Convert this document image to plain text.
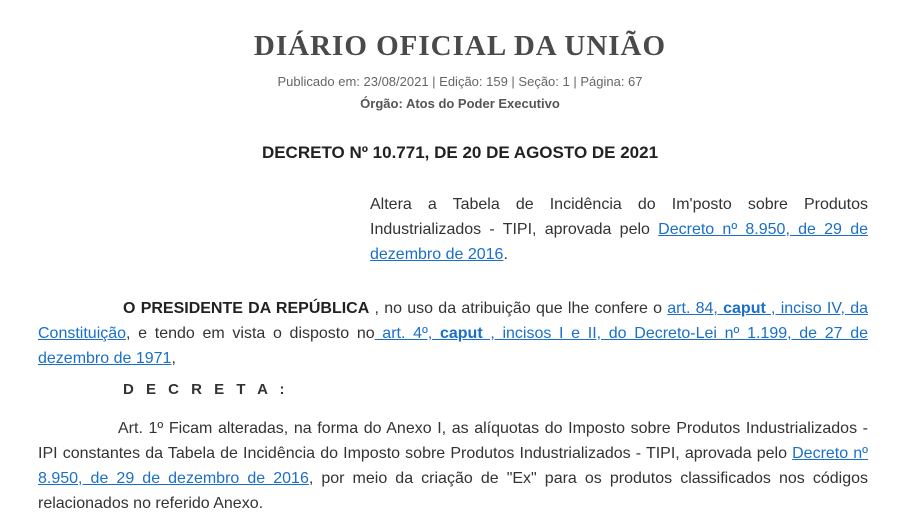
DIÁRIO OFICIAL DA UNIÃO
Publicado em: 23/08/2021 | Edição: 159 | Seção: 1 | Página: 67
Órgão: Atos do Poder Executivo
DECRETO Nº 10.771, DE 20 DE AGOSTO DE 2021
Altera a Tabela de Incidência do Im'posto sobre Produtos Industrializados - TIPI, aprovada pelo Decreto nº 8.950, de 29 de dezembro de 2016.
O PRESIDENTE DA REPÚBLICA , no uso da atribuição que lhe confere o art. 84, caput , inciso IV, da Constituição, e tendo em vista o disposto no art. 4º, caput , incisos I e II, do Decreto-Lei nº 1.199, de 27 de dezembro de 1971,
D E C R E T A :
Art. 1º Ficam alteradas, na forma do Anexo I, as alíquotas do Imposto sobre Produtos Industrializados - IPI constantes da Tabela de Incidência do Imposto sobre Produtos Industrializados - TIPI, aprovada pelo Decreto nº 8.950, de 29 de dezembro de 2016, por meio da criação de "Ex" para os produtos classificados nos códigos relacionados no referido Anexo.
